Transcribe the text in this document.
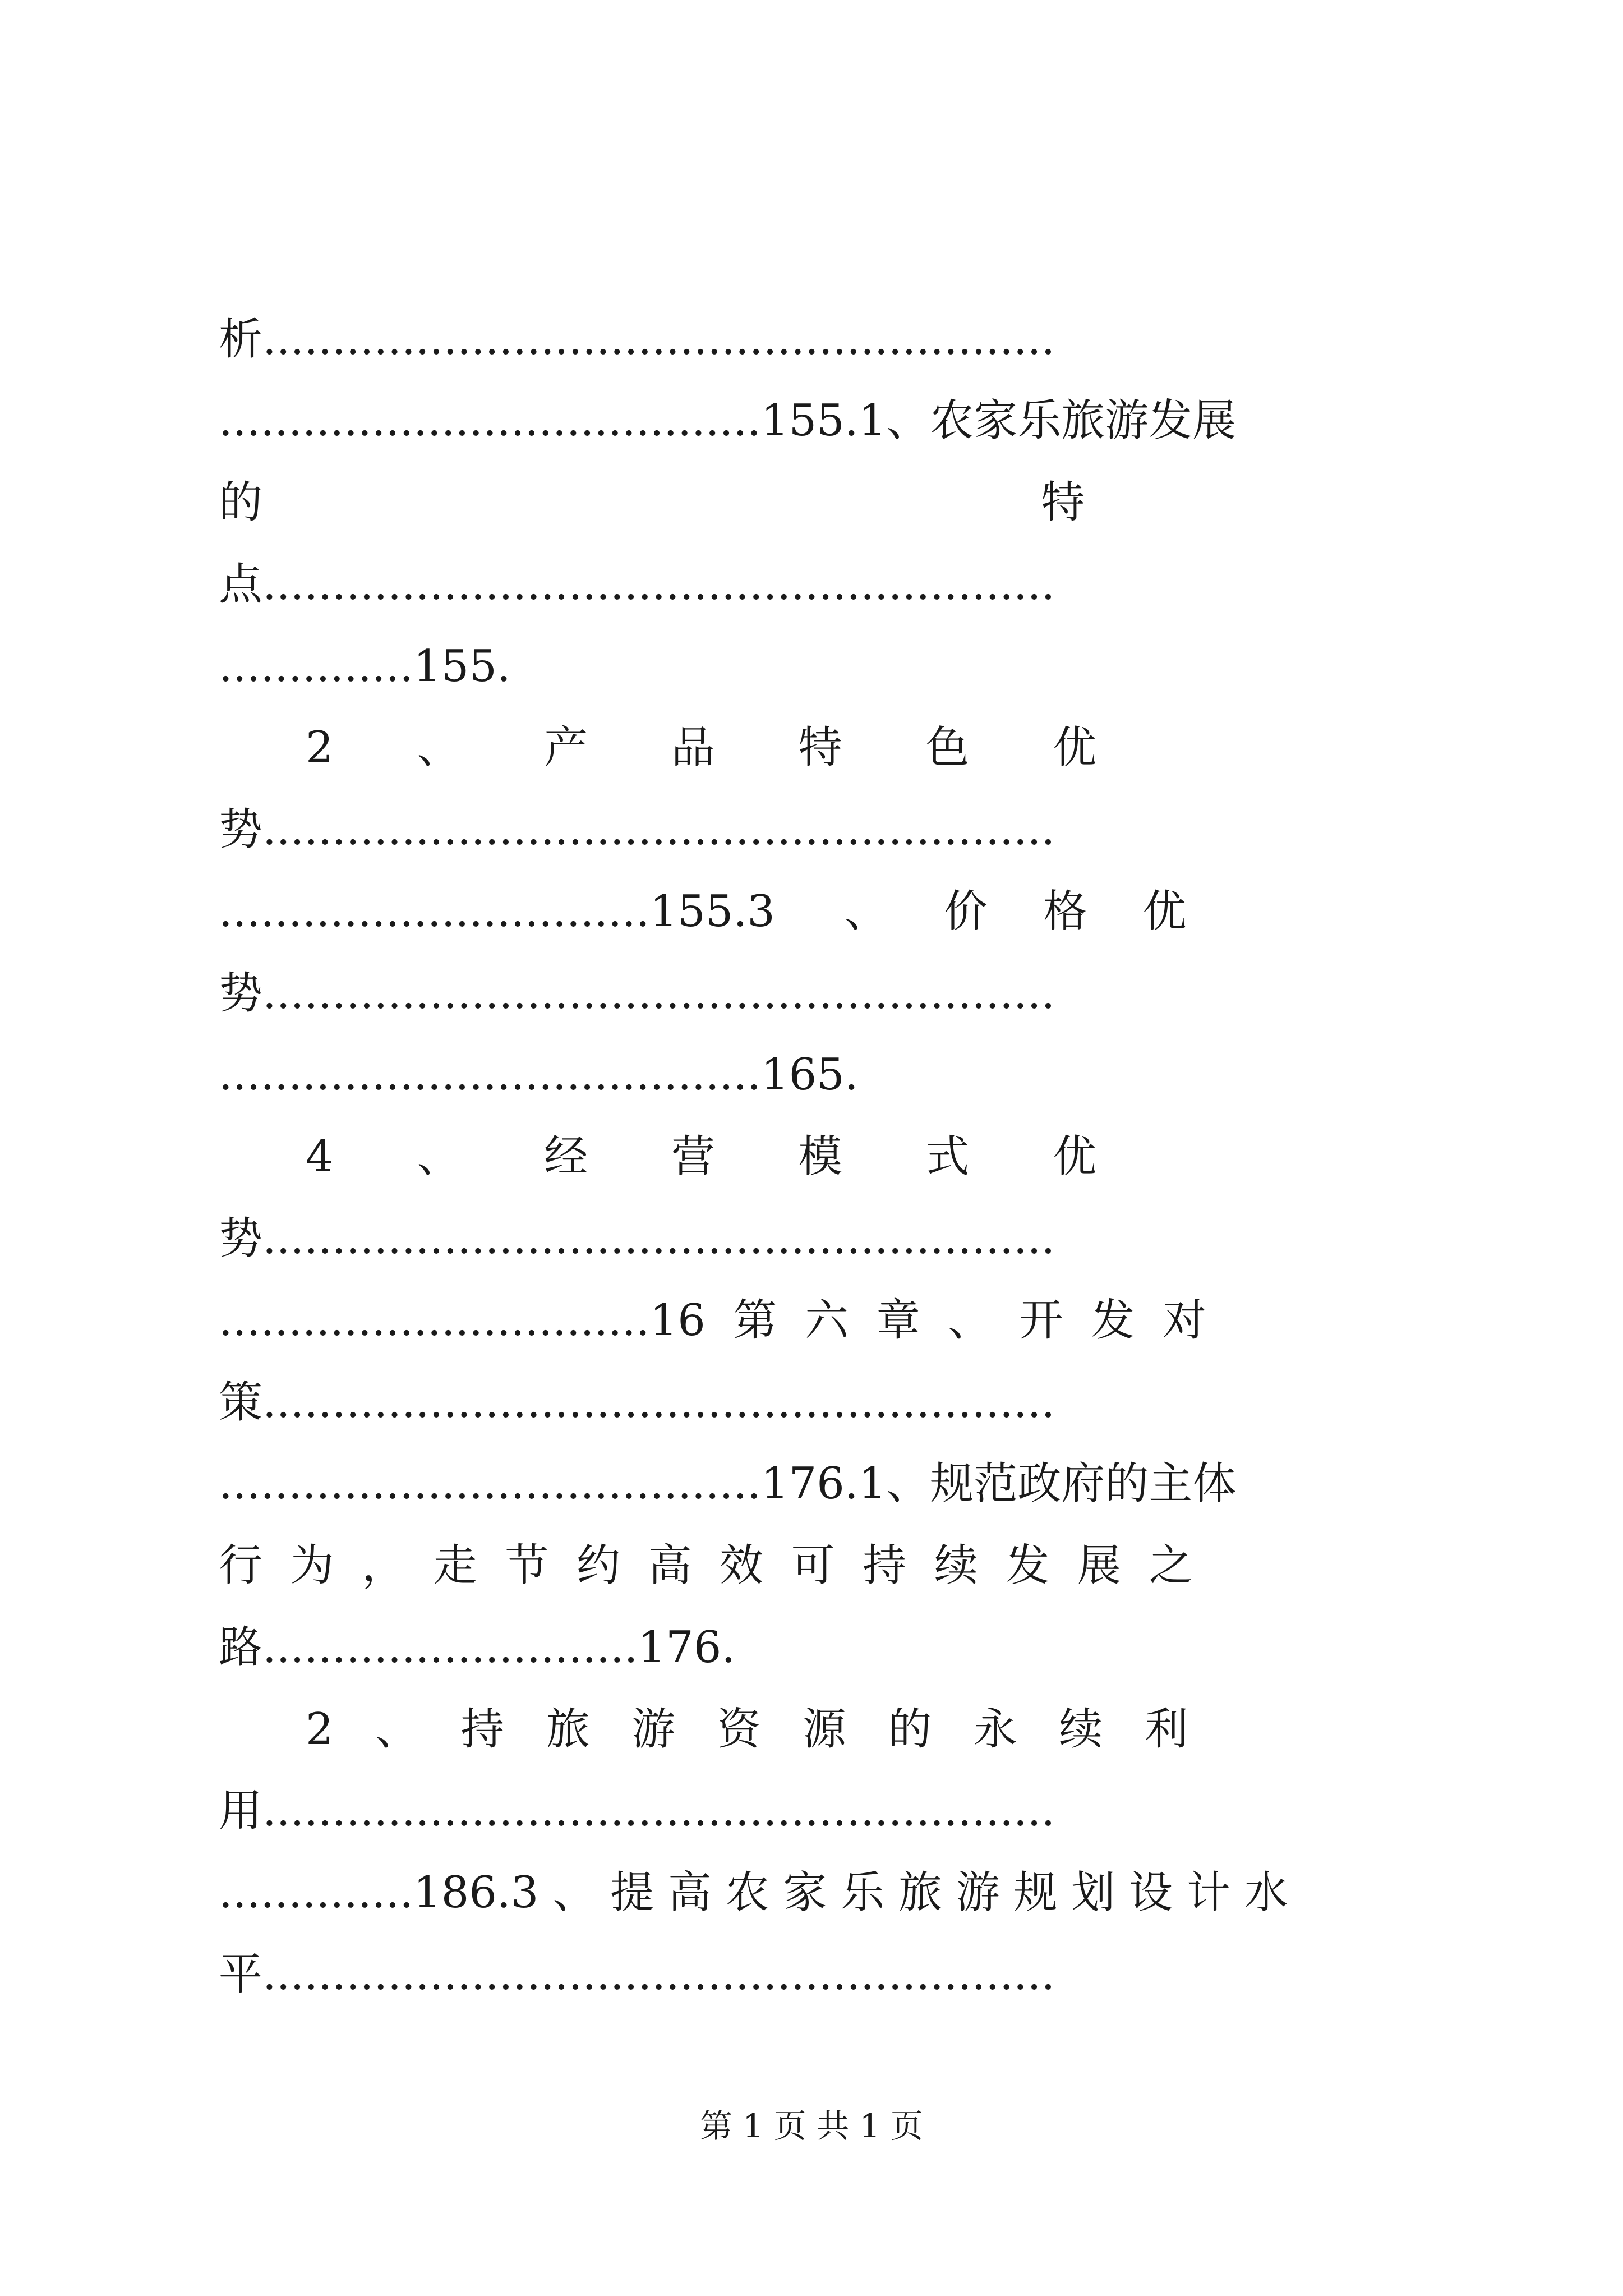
析.........................................................
.......................................155.1、农家乐旅游发展
的                                                        特
点.........................................................
..............155.
2      、      产      品      特      色      优
势.........................................................
...............................155.3     、    价    格    优
势.........................................................
.......................................165.
4      、      经      营      模      式      优
势.........................................................
...............................16  第  六  章  、  开  发  对
策.........................................................
.......................................176.1、规范政府的主体
行  为  ，  走  节  约  高  效  可  持  续  发  展  之
路...........................176.
2   、   持   旅   游   资   源   的   永   续   利
用.........................................................
..............186.3 、 提 高 农 家 乐 旅 游 规 划 设 计 水
平.........................................................
第 1 页 共 1 页
